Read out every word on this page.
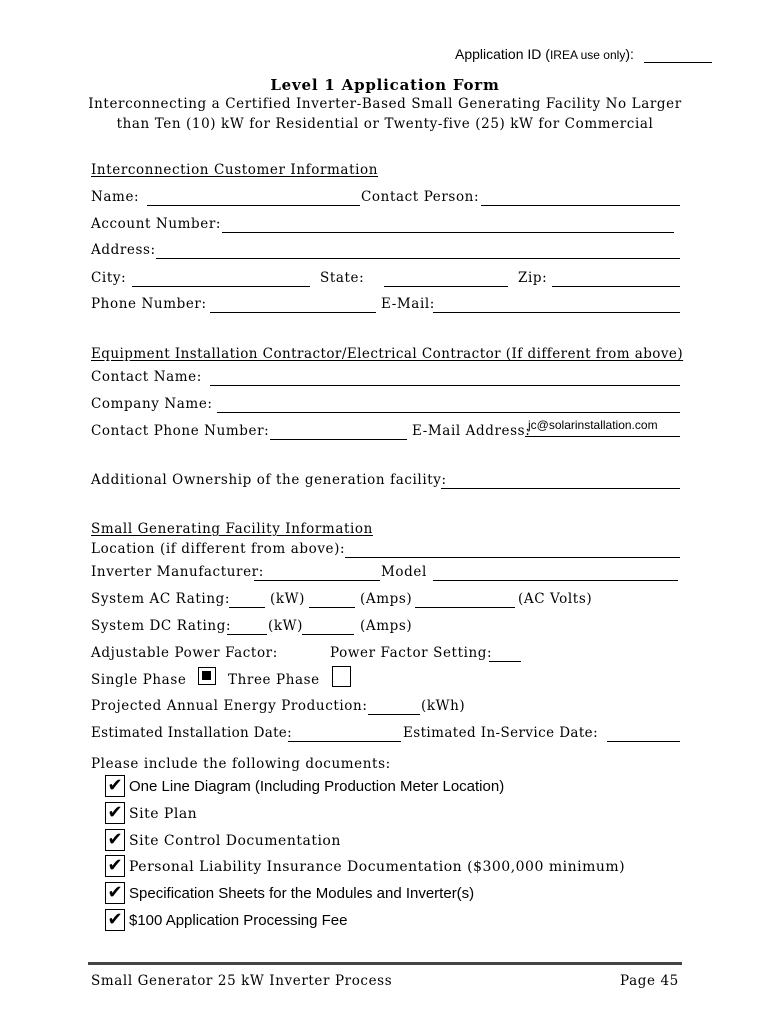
Application ID (IREA use only):
Level 1 Application Form
Interconnecting a Certified Inverter-Based Small Generating Facility No Larger
than Ten (10) kW for Residential or Twenty-five (25) kW for Commercial
Interconnection Customer Information
Name:	Contact Person:
Account Number:
Address:
City:	State:	Zip:
Phone Number:	E-Mail:
Equipment Installation Contractor/Electrical Contractor (If different from above)
Contact Name:
Company Name:
Contact Phone Number:	E-Mail Address:
jc@solarinstallation.com
Additional Ownership of the generation facility:
Small Generating Facility Information
Location (if different from above):
Inverter Manufacturer:	Model
System AC Rating:	(kW)	(Amps)	(AC Volts)
System DC Rating:	(kW)	(Amps)
Adjustable Power Factor:	Power Factor Setting:
Single Phase	Three Phase
Projected Annual Energy Production:	(kWh)
Estimated Installation Date:	Estimated In-Service Date:
Please include the following documents:
✔ One Line Diagram (Including Production Meter Location)
✔ Site Plan
✔ Site Control Documentation
✔ Personal Liability Insurance Documentation ($300,000 minimum)
✔ Specification Sheets for the Modules and Inverter(s)
✔ $100 Application Processing Fee
Small Generator 25 kW Inverter Process	Page 45
